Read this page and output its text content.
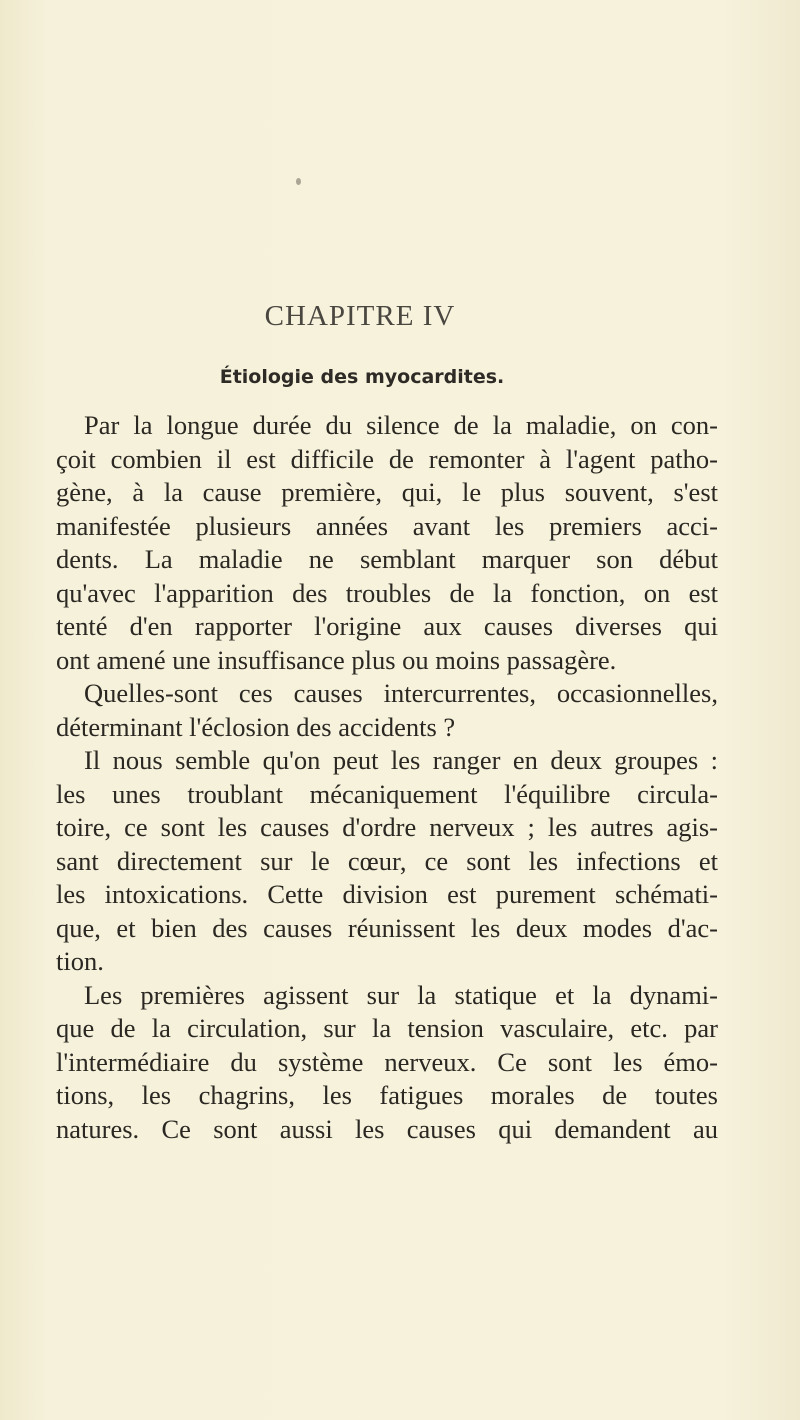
CHAPITRE IV
Étiologie des myocardites.
Par la longue durée du silence de la maladie, on con-
çoit combien il est difficile de remonter à l'agent patho-
gène, à la cause première, qui, le plus souvent, s'est
manifestée plusieurs années avant les premiers acci-
dents. La maladie ne semblant marquer son début
qu'avec l'apparition des troubles de la fonction, on est
tenté d'en rapporter l'origine aux causes diverses qui
ont amené une insuffisance plus ou moins passagère.
Quelles-sont ces causes intercurrentes, occasionnelles,
déterminant l'éclosion des accidents ?
Il nous semble qu'on peut les ranger en deux groupes :
les unes troublant mécaniquement l'équilibre circula-
toire, ce sont les causes d'ordre nerveux ; les autres agis-
sant directement sur le cœur, ce sont les infections et
les intoxications. Cette division est purement schémati-
que, et bien des causes réunissent les deux modes d'ac-
tion.
Les premières agissent sur la statique et la dynami-
que de la circulation, sur la tension vasculaire, etc. par
l'intermédiaire du système nerveux. Ce sont les émo-
tions, les chagrins, les fatigues morales de toutes
natures. Ce sont aussi les causes qui demandent au
